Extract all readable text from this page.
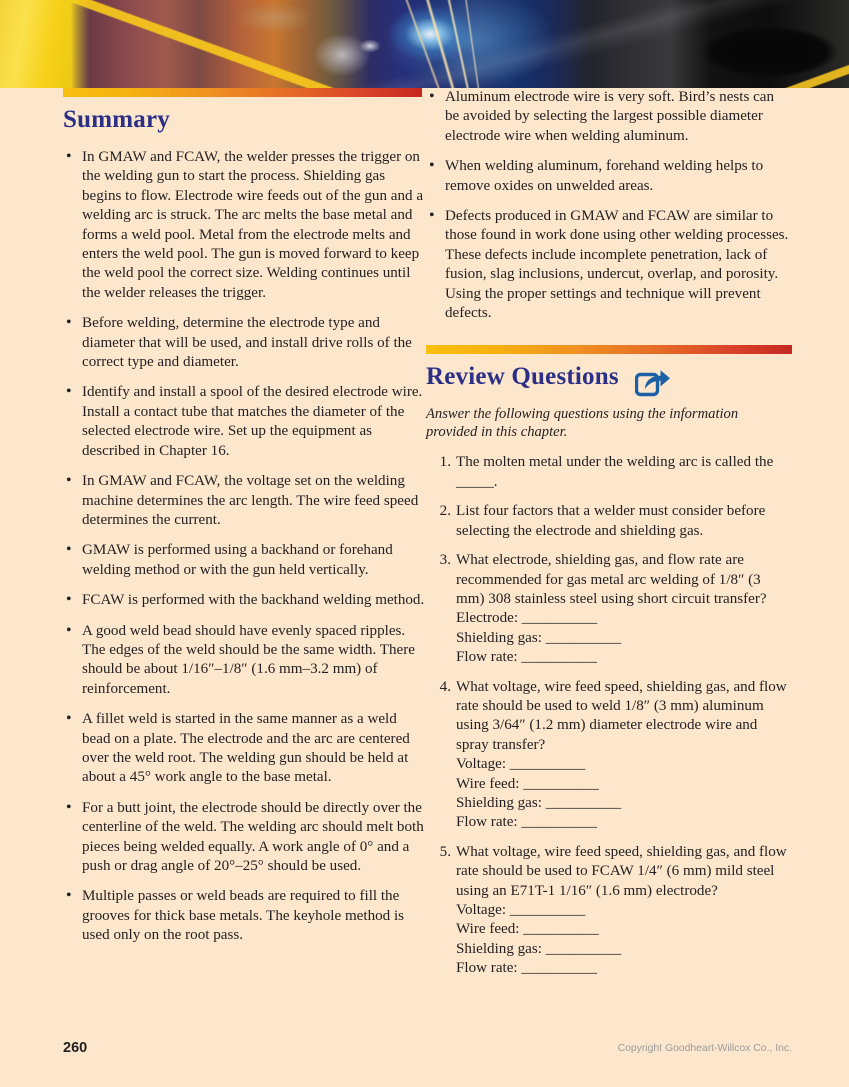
Summary
• In GMAW and FCAW, the welder presses the trigger on the welding gun to start the process. Shielding gas begins to flow. Electrode wire feeds out of the gun and a welding arc is struck. The arc melts the base metal and forms a weld pool. Metal from the electrode melts and enters the weld pool. The gun is moved forward to keep the weld pool the correct size. Welding continues until the welder releases the trigger.
• Before welding, determine the electrode type and diameter that will be used, and install drive rolls of the correct type and diameter.
• Identify and install a spool of the desired electrode wire. Install a contact tube that matches the diameter of the selected electrode wire. Set up the equipment as described in Chapter 16.
• In GMAW and FCAW, the voltage set on the welding machine determines the arc length. The wire feed speed determines the current.
• GMAW is performed using a backhand or forehand welding method or with the gun held vertically.
• FCAW is performed with the backhand welding method.
• A good weld bead should have evenly spaced ripples. The edges of the weld should be the same width. There should be about 1/16″–1/8″ (1.6 mm–3.2 mm) of reinforcement.
• A fillet weld is started in the same manner as a weld bead on a plate. The electrode and the arc are centered over the weld root. The welding gun should be held at about a 45° work angle to the base metal.
• For a butt joint, the electrode should be directly over the centerline of the weld. The welding arc should melt both pieces being welded equally. A work angle of 0° and a push or drag angle of 20°–25° should be used.
• Multiple passes or weld beads are required to fill the grooves for thick base metals. The keyhole method is used only on the root pass.
• Aluminum electrode wire is very soft. Bird’s nests can be avoided by selecting the largest possible diameter electrode wire when welding aluminum.
• When welding aluminum, forehand welding helps to remove oxides on unwelded areas.
• Defects produced in GMAW and FCAW are similar to those found in work done using other welding processes. These defects include incomplete penetration, lack of fusion, slag inclusions, undercut, overlap, and porosity. Using the proper settings and technique will prevent defects.
Review Questions

Answer the following questions using the information provided in this chapter.

The molten metal under the welding arc is called the _____.
List four factors that a welder must consider before selecting the electrode and shielding gas.
What electrode, shielding gas, and flow rate are recommended for gas metal arc welding of 1/8″ (3 mm) 308 stainless steel using short circuit transfer?
Electrode: __________
Shielding gas: __________
Flow rate: __________
What voltage, wire feed speed, shielding gas, and flow rate should be used to weld 1/8″ (3 mm) aluminum using 3/64″ (1.2 mm) diameter electrode wire and spray transfer?
Voltage: __________
Wire feed: __________
Shielding gas: __________
Flow rate: __________
What voltage, wire feed speed, shielding gas, and flow rate should be used to FCAW 1/4″ (6 mm) mild steel using an E71T-1 1/16″ (1.6 mm) electrode?
Voltage: __________
Wire feed: __________
Shielding gas: __________
Flow rate: __________
260	Copyright Goodheart-Willcox Co., Inc.
